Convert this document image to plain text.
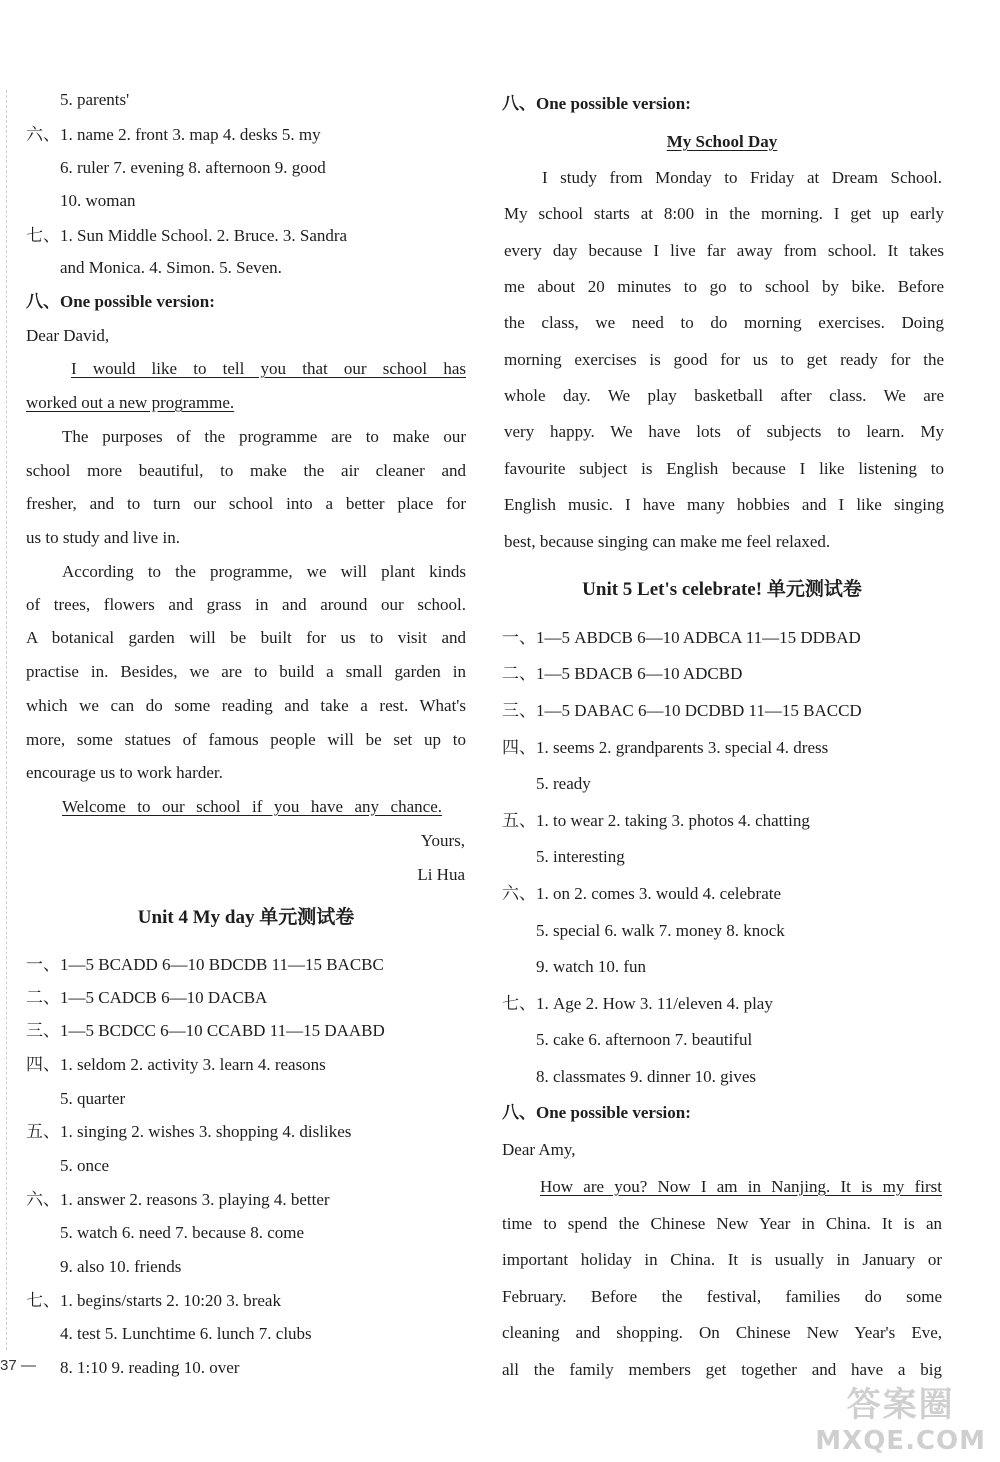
5. parents'
六、1. name 2. front 3. map 4. desks 5. my
6. ruler 7. evening 8. afternoon 9. good
10. woman
七、1. Sun Middle School. 2. Bruce. 3. Sandra
and Monica. 4. Simon. 5. Seven.
八、One possible version:
Dear David,
I would like to tell you that our school has
worked out a new programme.
The purposes of the programme are to make our
school more beautiful, to make the air cleaner and
fresher, and to turn our school into a better place for
us to study and live in.
According to the programme, we will plant kinds
of trees, flowers and grass in and around our school.
A botanical garden will be built for us to visit and
practise in. Besides, we are to build a small garden in
which we can do some reading and take a rest. What's
more, some statues of famous people will be set up to
encourage us to work harder.
Welcome to our school if you have any chance.
Yours,
Li Hua
Unit 4 My day 单元测试卷
一、1—5 BCADD 6—10 BDCDB 11—15 BACBC
二、1—5 CADCB 6—10 DACBA
三、1—5 BCDCC 6—10 CCABD 11—15 DAABD
四、1. seldom 2. activity 3. learn 4. reasons
5. quarter
五、1. singing 2. wishes 3. shopping 4. dislikes
5. once
六、1. answer 2. reasons 3. playing 4. better
5. watch 6. need 7. because 8. come
9. also 10. friends
七、1. begins/starts 2. 10:20 3. break
4. test 5. Lunchtime 6. lunch 7. clubs
8. 1:10 9. reading 10. over
八、One possible version:
My School Day
I study from Monday to Friday at Dream School.
My school starts at 8:00 in the morning. I get up early
every day because I live far away from school. It takes
me about 20 minutes to go to school by bike. Before
the class, we need to do morning exercises. Doing
morning exercises is good for us to get ready for the
whole day. We play basketball after class. We are
very happy. We have lots of subjects to learn. My
favourite subject is English because I like listening to
English music. I have many hobbies and I like singing
best, because singing can make me feel relaxed.
Unit 5 Let's celebrate! 单元测试卷
一、1—5 ABDCB 6—10 ADBCA 11—15 DDBAD
二、1—5 BDACB 6—10 ADCBD
三、1—5 DABAC 6—10 DCDBD 11—15 BACCD
四、1. seems 2. grandparents 3. special 4. dress
5. ready
五、1. to wear 2. taking 3. photos 4. chatting
5. interesting
六、1. on 2. comes 3. would 4. celebrate
5. special 6. walk 7. money 8. knock
9. watch 10. fun
七、1. Age 2. How 3. 11/eleven 4. play
5. cake 6. afternoon 7. beautiful
8. classmates 9. dinner 10. gives
八、One possible version:
Dear Amy,
How are you? Now I am in Nanjing. It is my first
time to spend the Chinese New Year in China. It is an
important holiday in China. It is usually in January or
February. Before the festival, families do some
cleaning and shopping. On Chinese New Year's Eve,
all the family members get together and have a big
37 —
答案圈
MXQE.COM
